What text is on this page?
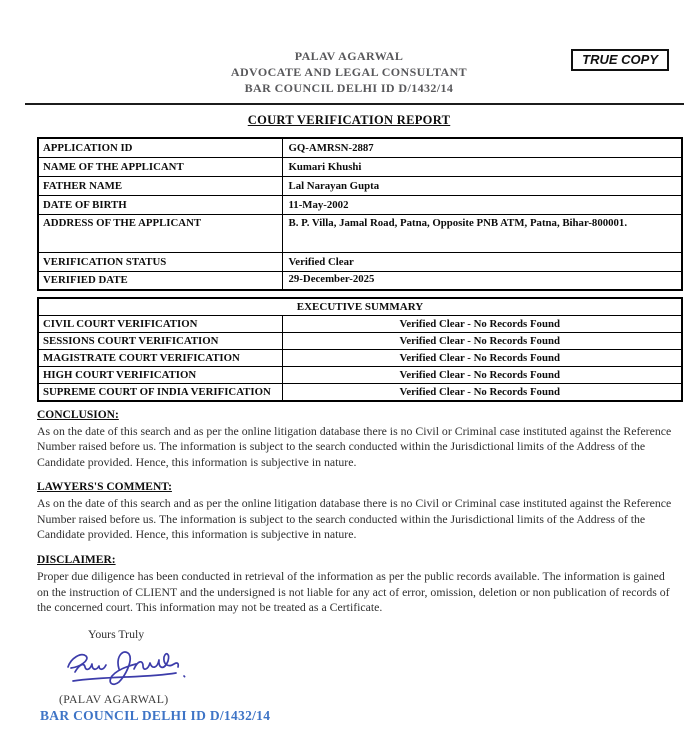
PALAV AGARWAL
ADVOCATE AND LEGAL CONSULTANT
BAR COUNCIL DELHI ID D/1432/14
TRUE COPY
COURT VERIFICATION REPORT
APPLICATION ID	GQ-AMRSN-2887
NAME OF THE APPLICANT	Kumari Khushi
FATHER NAME	Lal Narayan Gupta
DATE OF BIRTH	11-May-2002
ADDRESS OF THE APPLICANT	B. P. Villa, Jamal Road, Patna, Opposite PNB ATM, Patna, Bihar-800001.
VERIFICATION STATUS	Verified Clear
VERIFIED DATE	29-December-2025
EXECUTIVE SUMMARY	
CIVIL COURT VERIFICATION	Verified Clear - No Records Found
SESSIONS COURT VERIFICATION	Verified Clear - No Records Found
MAGISTRATE COURT VERIFICATION	Verified Clear - No Records Found
HIGH COURT VERIFICATION	Verified Clear - No Records Found
SUPREME COURT OF INDIA VERIFICATION	Verified Clear - No Records Found
CONCLUSION:
As on the date of this search and as per the online litigation database there is no Civil or Criminal case instituted against the Reference Number raised before us. The information is subject to the search conducted within the Jurisdictional limits of the Address of the Candidate provided. Hence, this information is subjective in nature.
LAWYERS'S COMMENT:
As on the date of this search and as per the online litigation database there is no Civil or Criminal case instituted against the Reference Number raised before us. The information is subject to the search conducted within the Jurisdictional limits of the Address of the Candidate provided. Hence, this information is subjective in nature.
DISCLAIMER:
Proper due diligence has been conducted in retrieval of the information as per the public records available. The information is gained on the instruction of CLIENT and the undersigned is not liable for any act of error, omission, deletion or non publication of records of the concerned court. This information may not be treated as a Certificate.
Yours Truly
(PALAV AGARWAL)
BAR COUNCIL DELHI ID D/1432/14
